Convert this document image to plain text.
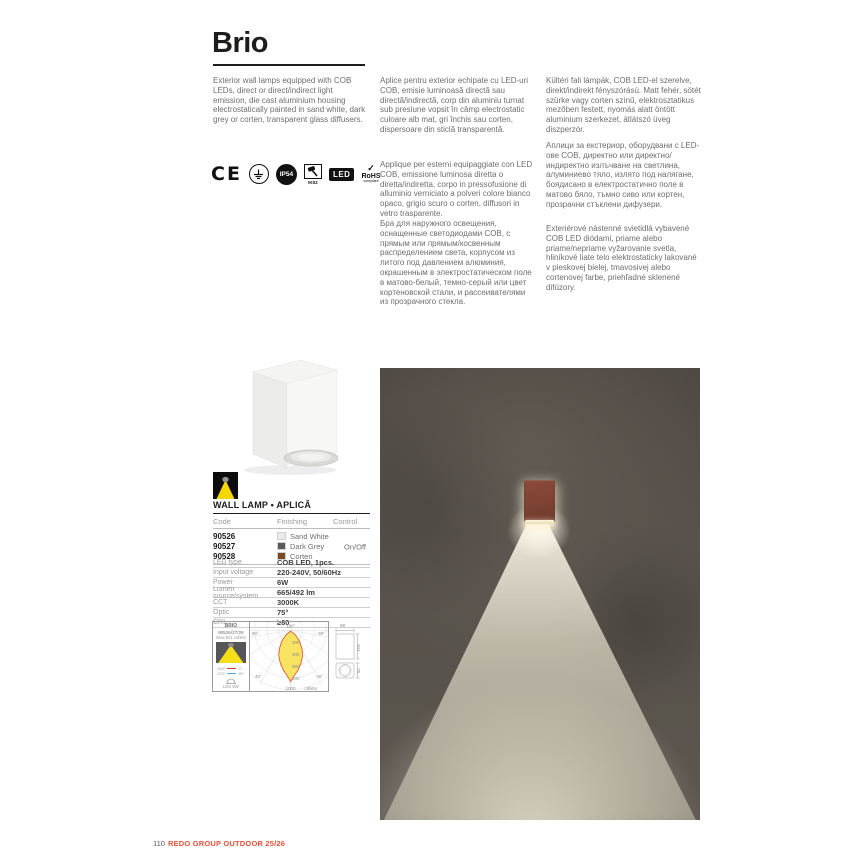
Brio
Exterior wall lamps equipped with COB LEDs, direct or direct/indirect light emission, die cast aluminium housing electrostatically painted in sand white, dark grey or corten, transparent glass diffusers.
Aplice pentru exterior echipate cu LED-uri COB, emisie luminoasă directă sau directă/indirectă, corp din aluminiu turnat sub presiune vopsit în câmp electrostatic culoare alb mat, gri închis sau corten, dispersoare din sticlă transparentă.
Applique per esterni equipaggiate con LED COB, emissione luminosa diretta o diretta/indiretta, corpo in pressofusione di alluminio verniciato a polveri colore bianco opaco, grigio scuro o corten, diffusori in vetro trasparente.
Бра для наружного освещения, оснащенные светодиодами COB, с прямым или прямым/косвенным распределением света, корпусом из литого под давлением алюминия, окрашенным в электростатическом поле в матово-белый, темно-серый или цвет кортеновской стали, и рассеивателями из прозрачного стекла.
Kültéri fali lámpák, COB LED-el szerelve, direkt/indirekt fényszórású. Matt fehér, sötét szürke vagy corten színű, elektrosztatikus mezőben festett, nyomás alatt öntött aluminium szerkezet, átlátszó üveg diszperzór.
Аплици за екстериор, оборудвани с LED-ове COB, директно или директно/индиректно излъчване на светлина, алуминиево тяло, излято под налягане, боядисано в електростатично поле в матово бяло, тъмно сиво или кортен, прозрачни стъклени дифузери.
Exteriérové nástenné svietidlá vybavené COB LED diódami, priame alebo priame/nepriame vyžarovanie svetla, hliníkové liate telo elektrostaticky lakované v pieskovej bielej, tmavosivej alebo cortenovej farbe, priehľadné sklenené difúzory.
CE	IP54
IK02
LED
✓
RoHS
compliant
WALL LAMP • APLICĂ
Code	Finishing	Control
90526	Sand White
90527	Dark Grey
90528	Corten
On/Off
LED type	COB LED, 1pcs.
Input voltage	220-240V, 50/60Hz
Power	6W
Lumen source/system	665/492 lm
CCT	3000K
Optic	75°
CRI	≥80
BRIO
90526/27/28
Imax 821 cd/klm
180°	0°
270°	90°
LED 6W
180°
90°	90°
45°	45°
200
400
600
800
1000 cd/klm
69
101
78
110 REDO GROUP OUTDOOR 25/26
